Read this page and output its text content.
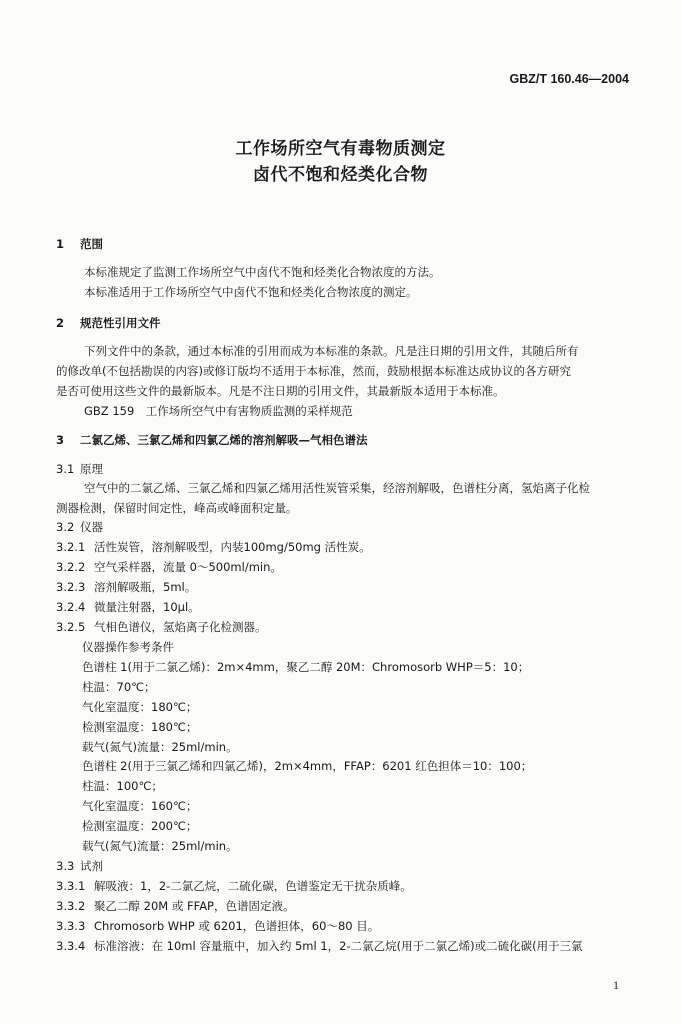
GBZ/T 160.46—2004
工作场所空气有毒物质测定
卤代不饱和烃类化合物
1 范围
本标准规定了监测工作场所空气中卤代不饱和烃类化合物浓度的方法。
本标准适用于工作场所空气中卤代不饱和烃类化合物浓度的测定。
2 规范性引用文件
下列文件中的条款，通过本标准的引用而成为本标准的条款。凡是注日期的引用文件，其随后所有
的修改单(不包括勘误的内容)或修订版均不适用于本标准，然而，鼓励根据本标准达成协议的各方研究
是否可使用这些文件的最新版本。凡是不注日期的引用文件，其最新版本适用于本标准。
GBZ 159　工作场所空气中有害物质监测的采样规范
3 二氯乙烯、三氯乙烯和四氯乙烯的溶剂解吸—气相色谱法
3.1 原理
空气中的二氯乙烯、三氯乙烯和四氯乙烯用活性炭管采集，经溶剂解吸，色谱柱分离，氢焰离子化检
测器检测，保留时间定性，峰高或峰面积定量。
3.2 仪器
3.2.1 活性炭管，溶剂解吸型，内装100mg/50mg 活性炭。
3.2.2 空气采样器，流量 0～500ml/min。
3.2.3 溶剂解吸瓶，5ml。
3.2.4 微量注射器，10μl。
3.2.5 气相色谱仪，氢焰离子化检测器。
仪器操作参考条件
色谱柱 1(用于二氯乙烯)：2m×4mm，聚乙二醇 20M：Chromosorb WHP＝5：10；
柱温：70℃；
气化室温度：180℃；
检测室温度：180℃；
载气(氮气)流量：25ml/min。
色谱柱 2(用于三氯乙烯和四氯乙烯)，2m×4mm，FFAP：6201 红色担体＝10：100；
柱温：100℃；
气化室温度：160℃；
检测室温度：200℃；
载气(氮气)流量：25ml/min。
3.3 试剂
3.3.1 解吸液：1，2-二氯乙烷，二硫化碳，色谱鉴定无干扰杂质峰。
3.3.2 聚乙二醇 20M 或 FFAP，色谱固定液。
3.3.3 Chromosorb WHP 或 6201，色谱担体，60～80 目。
3.3.4 标准溶液：在 10ml 容量瓶中，加入约 5ml 1，2-二氯乙烷(用于二氯乙烯)或二硫化碳(用于三氯
1
